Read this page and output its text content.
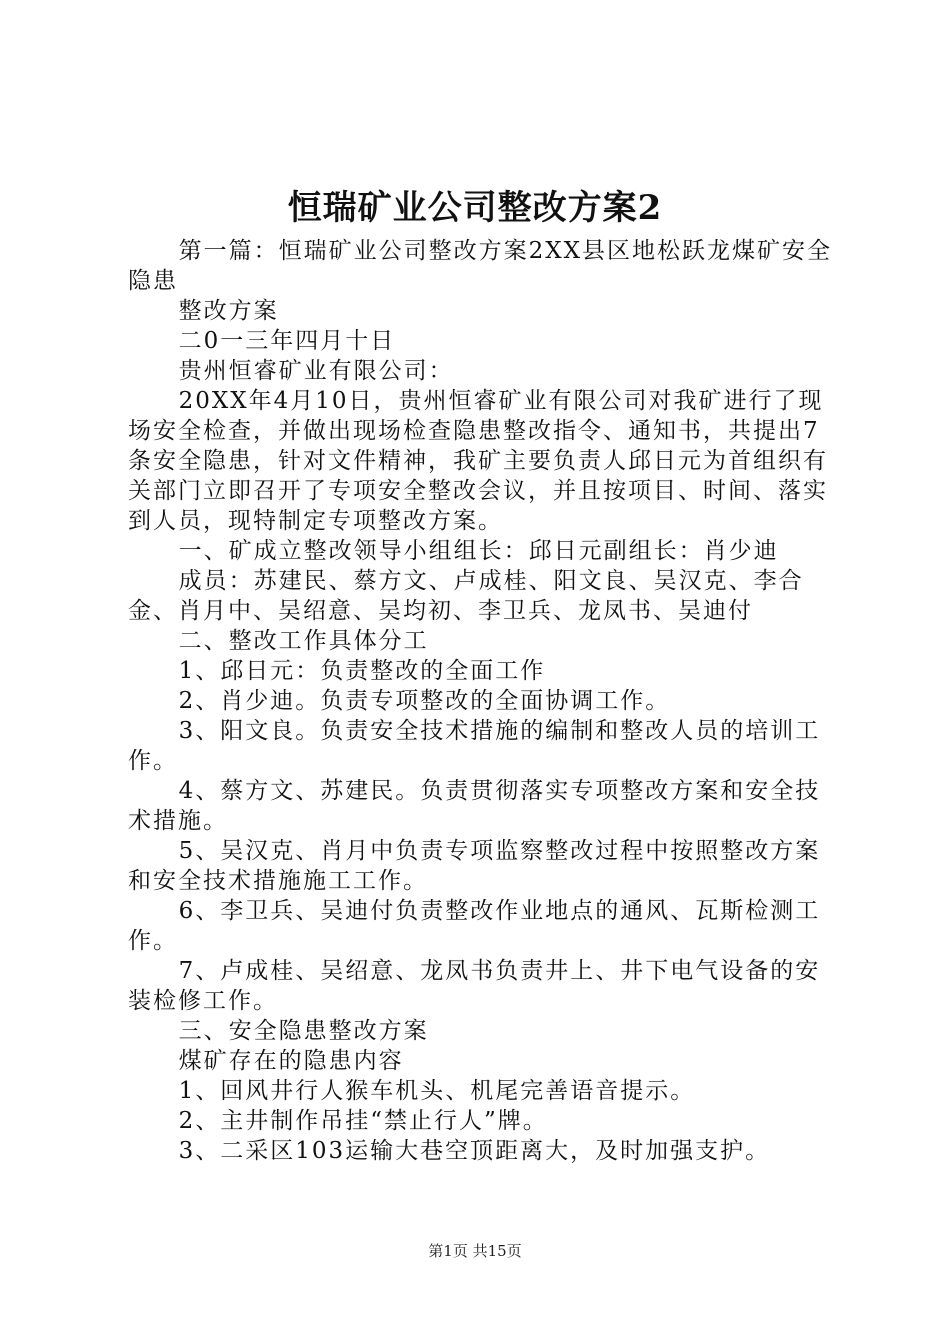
恒瑞矿业公司整改方案2

第一篇：恒瑞矿业公司整改方案2XX县区地松跃龙煤矿安全隐患

整改方案

二0一三年四月十日

贵州恒睿矿业有限公司：

20XX年4月10日，贵州恒睿矿业有限公司对我矿进行了现场安全检查，并做出现场检查隐患整改指令、通知书，共提出7条安全隐患，针对文件精神，我矿主要负责人邱日元为首组织有关部门立即召开了专项安全整改会议，并且按项目、时间、落实到人员，现特制定专项整改方案。

一、矿成立整改领导小组组长：邱日元副组长：肖少迪

成员：苏建民、蔡方文、卢成桂、阳文良、吴汉克、李合金、肖月中、吴绍意、吴均初、李卫兵、龙凤书、吴迪付

二、整改工作具体分工

1、邱日元：负责整改的全面工作

2、肖少迪。负责专项整改的全面协调工作。

3、阳文良。负责安全技术措施的编制和整改人员的培训工作。

4、蔡方文、苏建民。负责贯彻落实专项整改方案和安全技术措施。

5、吴汉克、肖月中负责专项监察整改过程中按照整改方案和安全技术措施施工工作。

6、李卫兵、吴迪付负责整改作业地点的通风、瓦斯检测工作。

7、卢成桂、吴绍意、龙凤书负责井上、井下电气设备的安装检修工作。

三、安全隐患整改方案

煤矿存在的隐患内容

1、回风井行人猴车机头、机尾完善语音提示。

2、主井制作吊挂“禁止行人”牌。

3、二采区103运输大巷空顶距离大，及时加强支护。

第1页 共15页
